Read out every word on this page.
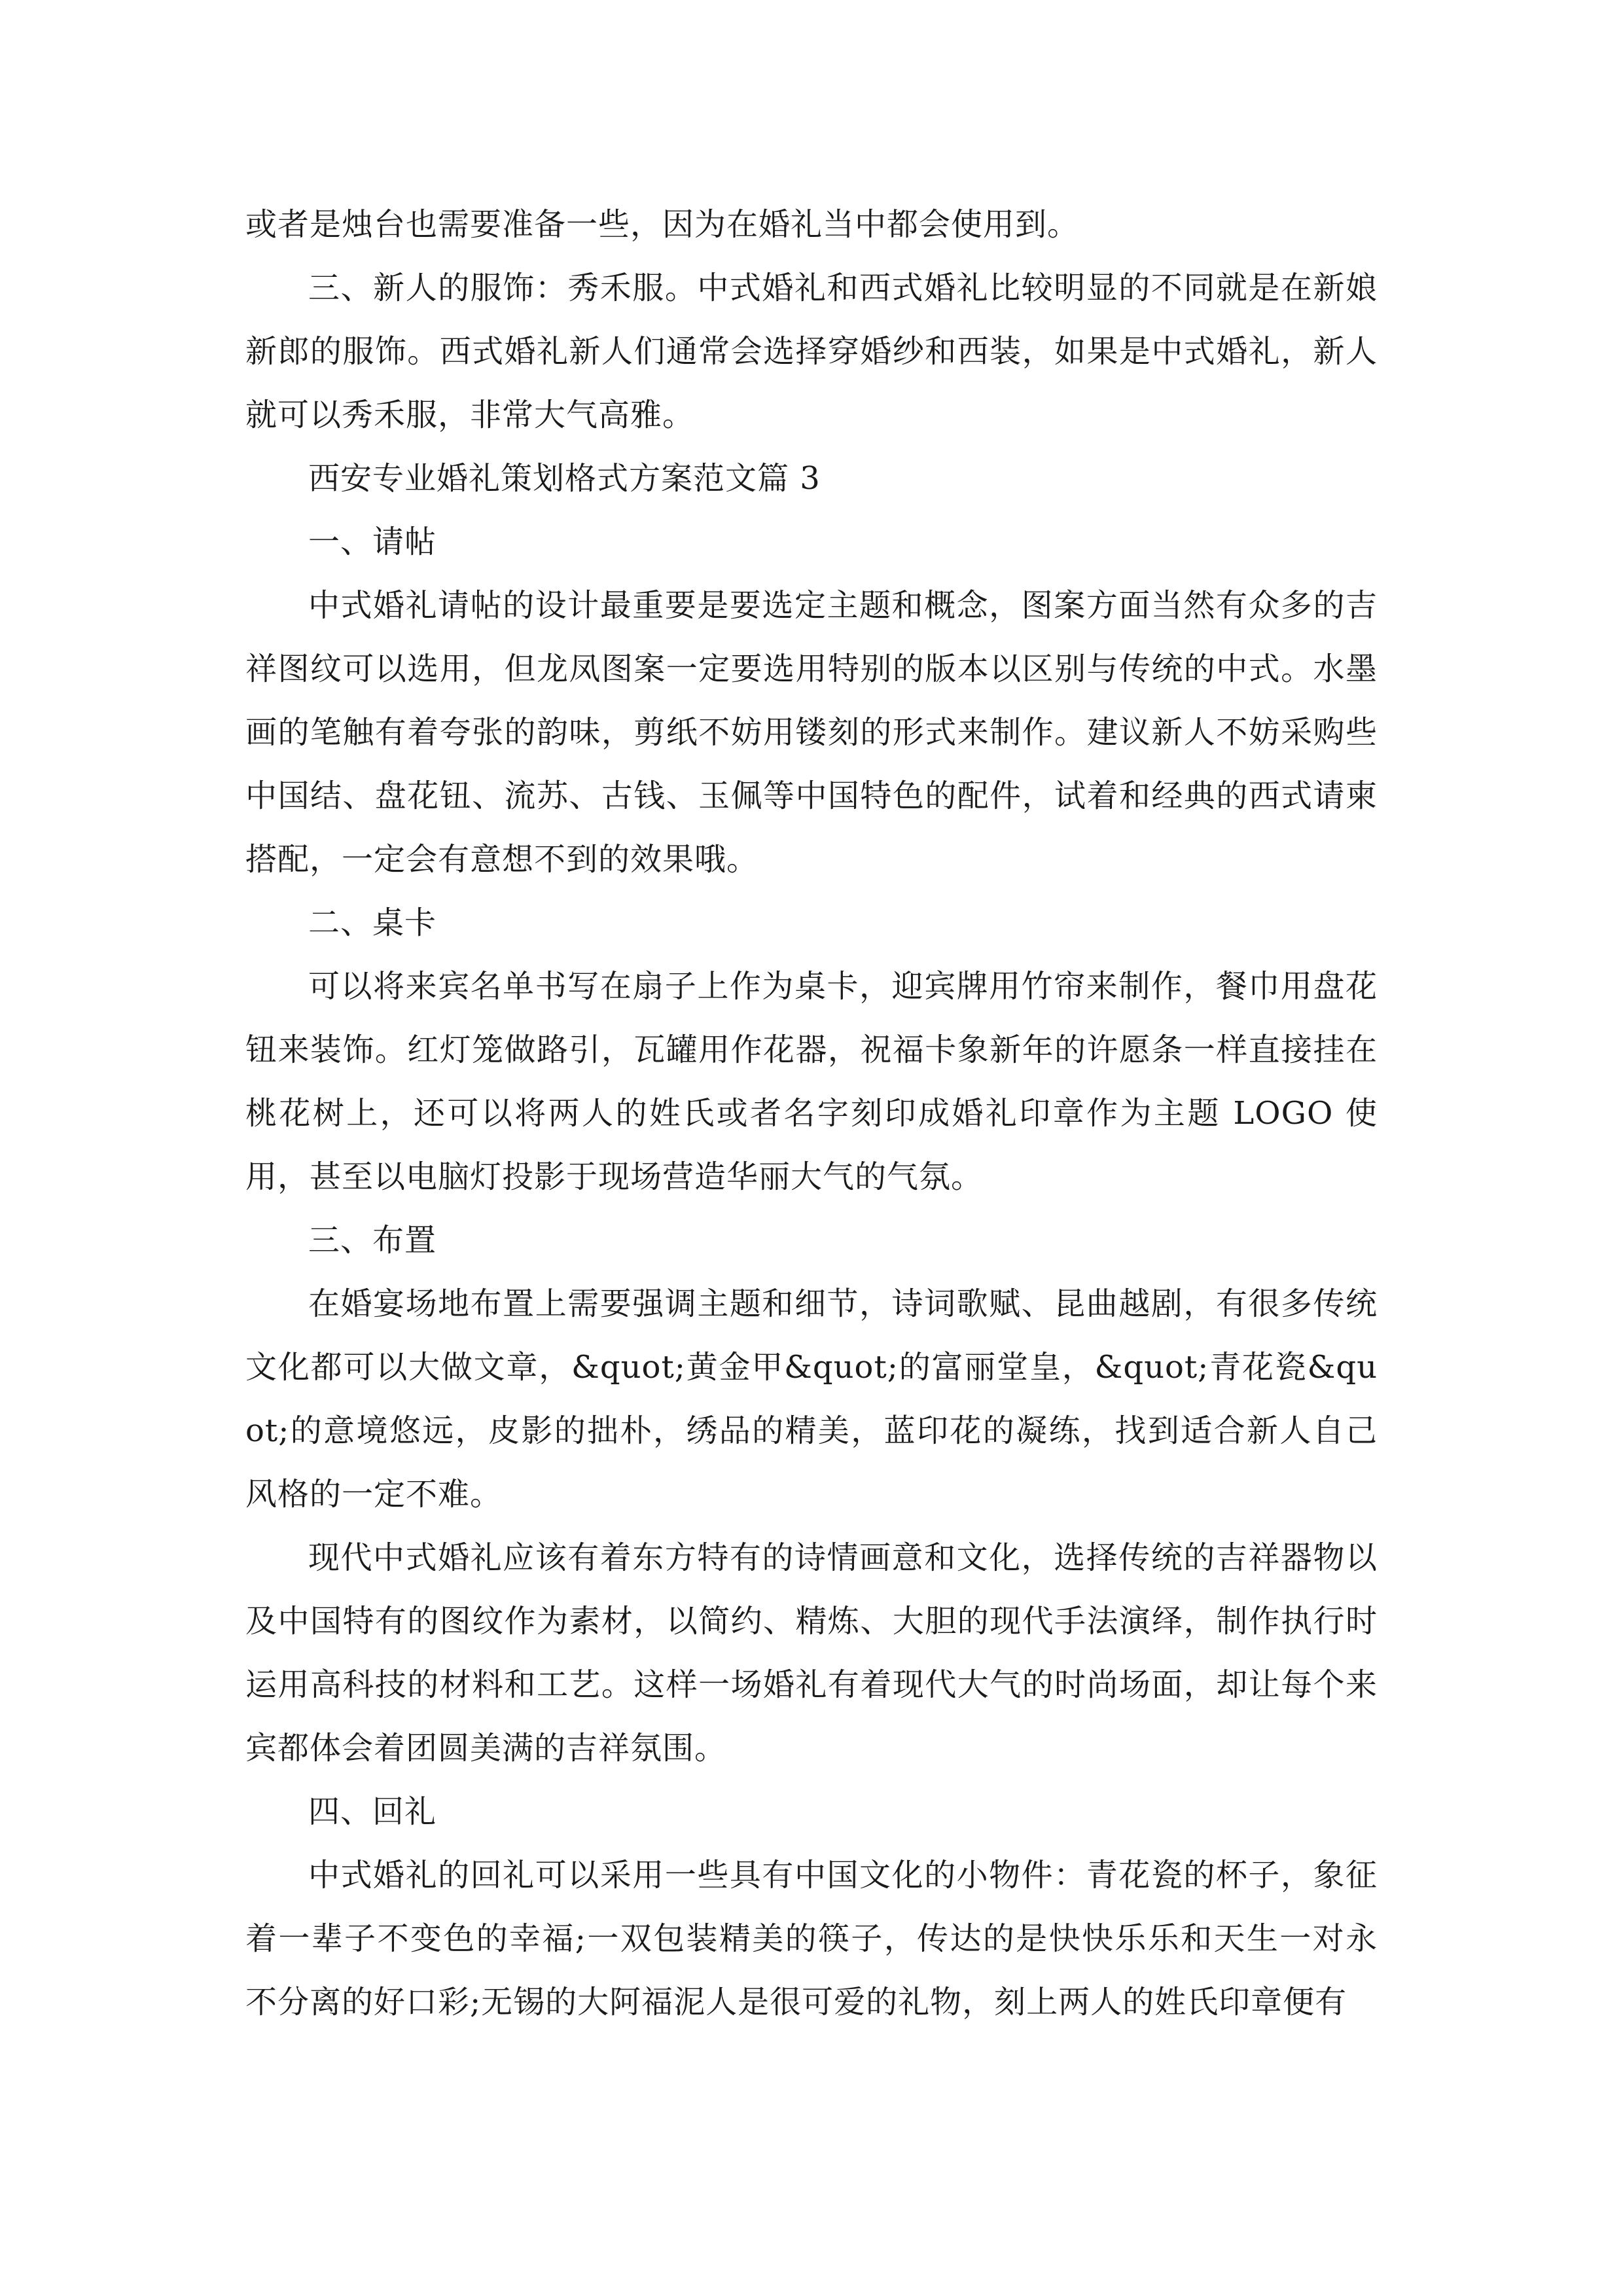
或者是烛台也需要准备一些，因为在婚礼当中都会使用到。

三、新人的服饰：秀禾服。中式婚礼和西式婚礼比较明显的不同就是在新娘新郎的服饰。西式婚礼新人们通常会选择穿婚纱和西装，如果是中式婚礼，新人就可以秀禾服，非常大气高雅。

西安专业婚礼策划格式方案范文篇 3

一、请帖

中式婚礼请帖的设计最重要是要选定主题和概念，图案方面当然有众多的吉祥图纹可以选用，但龙凤图案一定要选用特别的版本以区别与传统的中式。水墨画的笔触有着夸张的韵味，剪纸不妨用镂刻的形式来制作。建议新人不妨采购些中国结、盘花钮、流苏、古钱、玉佩等中国特色的配件，试着和经典的西式请柬搭配，一定会有意想不到的效果哦。

二、桌卡

可以将来宾名单书写在扇子上作为桌卡，迎宾牌用竹帘来制作，餐巾用盘花钮来装饰。红灯笼做路引，瓦罐用作花器，祝福卡象新年的许愿条一样直接挂在桃花树上，还可以将两人的姓氏或者名字刻印成婚礼印章作为主题 LOGO 使用，甚至以电脑灯投影于现场营造华丽大气的气氛。

三、布置

在婚宴场地布置上需要强调主题和细节，诗词歌赋、昆曲越剧，有很多传统文化都可以大做文章，&quot;黄金甲&quot;的富丽堂皇，&quot;青花瓷&quot;的意境悠远，皮影的拙朴，绣品的精美，蓝印花的凝练，找到适合新人自己风格的一定不难。

现代中式婚礼应该有着东方特有的诗情画意和文化，选择传统的吉祥器物以及中国特有的图纹作为素材，以简约、精炼、大胆的现代手法演绎，制作执行时运用高科技的材料和工艺。这样一场婚礼有着现代大气的时尚场面，却让每个来宾都体会着团圆美满的吉祥氛围。

四、回礼

中式婚礼的回礼可以采用一些具有中国文化的小物件：青花瓷的杯子，象征着一辈子不变色的幸福;一双包装精美的筷子，传达的是快快乐乐和天生一对永不分离的好口彩;无锡的大阿福泥人是很可爱的礼物，刻上两人的姓氏印章便有
